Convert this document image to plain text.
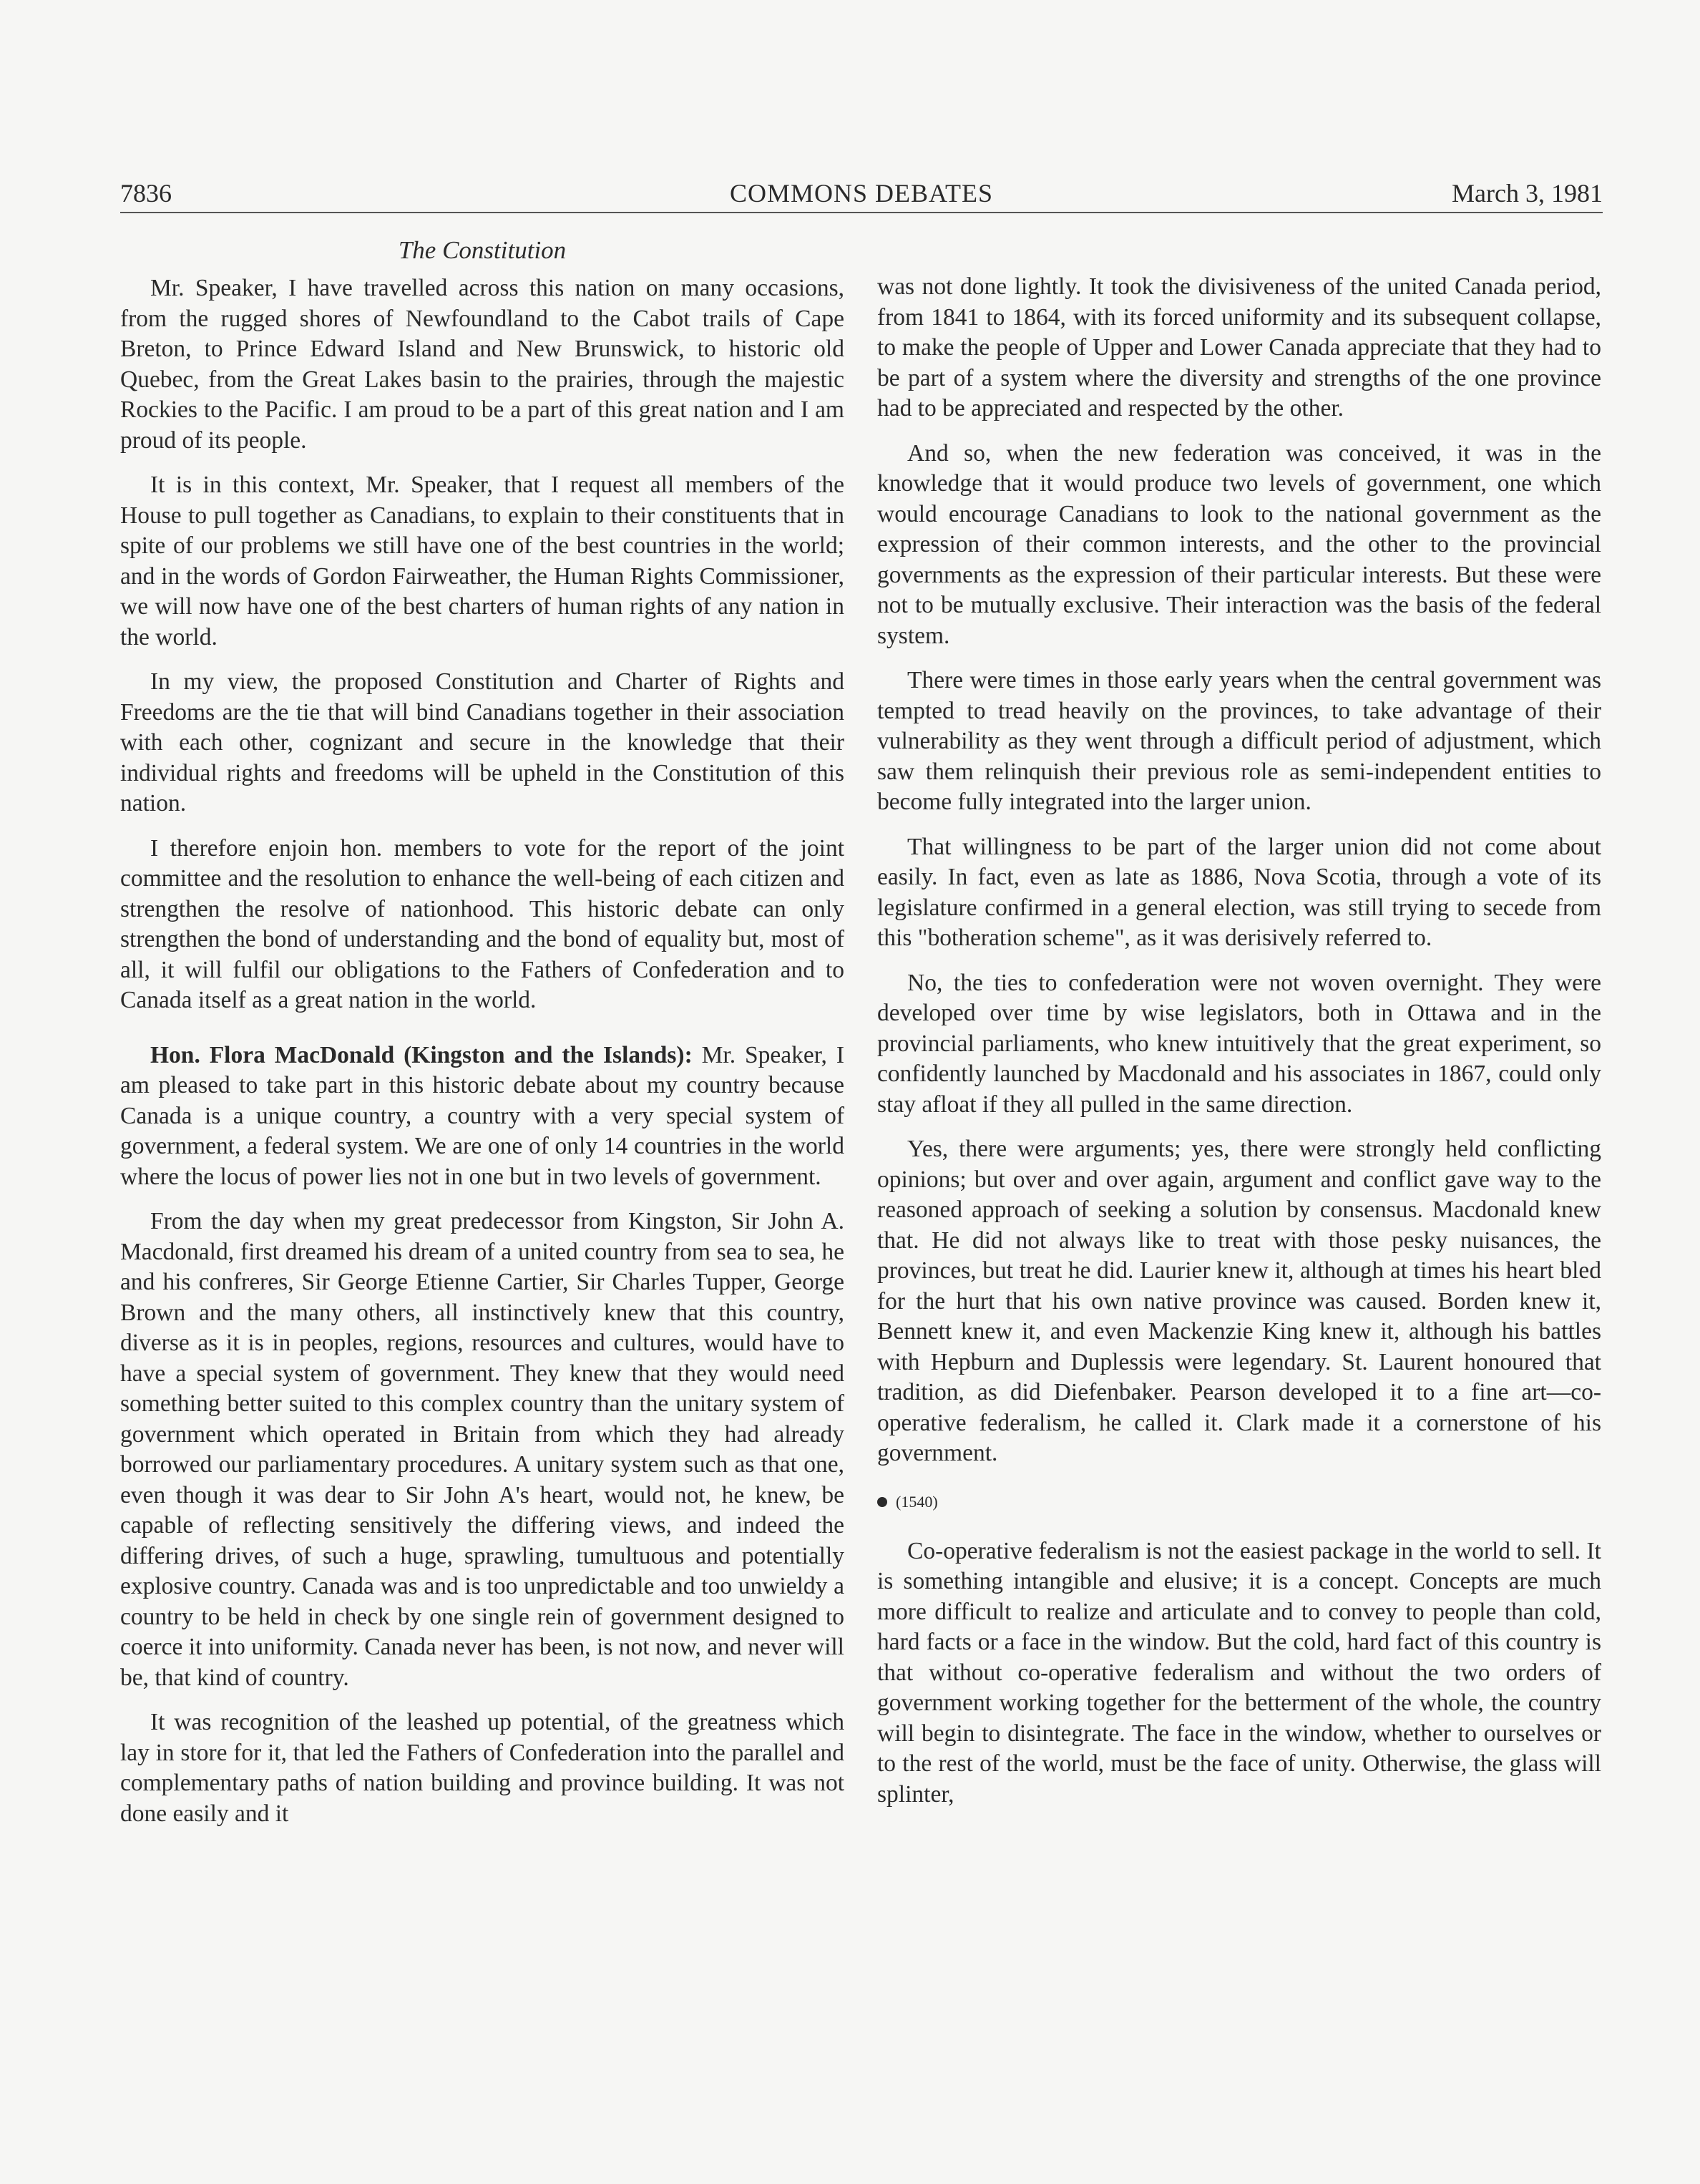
7836	COMMONS DEBATES	March 3, 1981
The Constitution

Mr. Speaker, I have travelled across this nation on many occasions, from the rugged shores of Newfoundland to the Cabot trails of Cape Breton, to Prince Edward Island and New Brunswick, to historic old Quebec, from the Great Lakes basin to the prairies, through the majestic Rockies to the Pacific. I am proud to be a part of this great nation and I am proud of its people.

It is in this context, Mr. Speaker, that I request all members of the House to pull together as Canadians, to explain to their constituents that in spite of our problems we still have one of the best countries in the world; and in the words of Gordon Fairweather, the Human Rights Commissioner, we will now have one of the best charters of human rights of any nation in the world.

In my view, the proposed Constitution and Charter of Rights and Freedoms are the tie that will bind Canadians together in their association with each other, cognizant and secure in the knowledge that their individual rights and freedoms will be upheld in the Constitution of this nation.

I therefore enjoin hon. members to vote for the report of the joint committee and the resolution to enhance the well-being of each citizen and strengthen the resolve of nationhood. This historic debate can only strengthen the bond of understanding and the bond of equality but, most of all, it will fulfil our obligations to the Fathers of Confederation and to Canada itself as a great nation in the world.

Hon. Flora MacDonald (Kingston and the Islands): Mr. Speaker, I am pleased to take part in this historic debate about my country because Canada is a unique country, a country with a very special system of government, a federal system. We are one of only 14 countries in the world where the locus of power lies not in one but in two levels of government.

From the day when my great predecessor from Kingston, Sir John A. Macdonald, first dreamed his dream of a united country from sea to sea, he and his confreres, Sir George Etienne Cartier, Sir Charles Tupper, George Brown and the many others, all instinctively knew that this country, diverse as it is in peoples, regions, resources and cultures, would have to have a special system of government. They knew that they would need something better suited to this complex country than the unitary system of government which operated in Britain from which they had already borrowed our parliamentary procedures. A unitary system such as that one, even though it was dear to Sir John A's heart, would not, he knew, be capable of reflecting sensitively the differing views, and indeed the differing drives, of such a huge, sprawling, tumultuous and potentially explosive country. Canada was and is too unpredictable and too unwieldy a country to be held in check by one single rein of government designed to coerce it into uniformity. Canada never has been, is not now, and never will be, that kind of country.

It was recognition of the leashed up potential, of the greatness which lay in store for it, that led the Fathers of Confederation into the parallel and complementary paths of nation building and province building. It was not done easily and it

was not done lightly. It took the divisiveness of the united Canada period, from 1841 to 1864, with its forced uniformity and its subsequent collapse, to make the people of Upper and Lower Canada appreciate that they had to be part of a system where the diversity and strengths of the one province had to be appreciated and respected by the other.

And so, when the new federation was conceived, it was in the knowledge that it would produce two levels of government, one which would encourage Canadians to look to the national government as the expression of their common interests, and the other to the provincial governments as the expression of their particular interests. But these were not to be mutually exclusive. Their interaction was the basis of the federal system.

There were times in those early years when the central government was tempted to tread heavily on the provinces, to take advantage of their vulnerability as they went through a difficult period of adjustment, which saw them relinquish their previous role as semi-independent entities to become fully integrated into the larger union.

That willingness to be part of the larger union did not come about easily. In fact, even as late as 1886, Nova Scotia, through a vote of its legislature confirmed in a general election, was still trying to secede from this "botheration scheme", as it was derisively referred to.

No, the ties to confederation were not woven overnight. They were developed over time by wise legislators, both in Ottawa and in the provincial parliaments, who knew intuitively that the great experiment, so confidently launched by Macdonald and his associates in 1867, could only stay afloat if they all pulled in the same direction.

Yes, there were arguments; yes, there were strongly held conflicting opinions; but over and over again, argument and conflict gave way to the reasoned approach of seeking a solution by consensus. Macdonald knew that. He did not always like to treat with those pesky nuisances, the provinces, but treat he did. Laurier knew it, although at times his heart bled for the hurt that his own native province was caused. Borden knew it, Bennett knew it, and even Mackenzie King knew it, although his battles with Hepburn and Duplessis were legendary. St. Laurent honoured that tradition, as did Diefenbaker. Pearson developed it to a fine art—co-operative federalism, he called it. Clark made it a cornerstone of his government.

(1540)

Co-operative federalism is not the easiest package in the world to sell. It is something intangible and elusive; it is a concept. Concepts are much more difficult to realize and articulate and to convey to people than cold, hard facts or a face in the window. But the cold, hard fact of this country is that without co-operative federalism and without the two orders of government working together for the betterment of the whole, the country will begin to disintegrate. The face in the window, whether to ourselves or to the rest of the world, must be the face of unity. Otherwise, the glass will splinter,
